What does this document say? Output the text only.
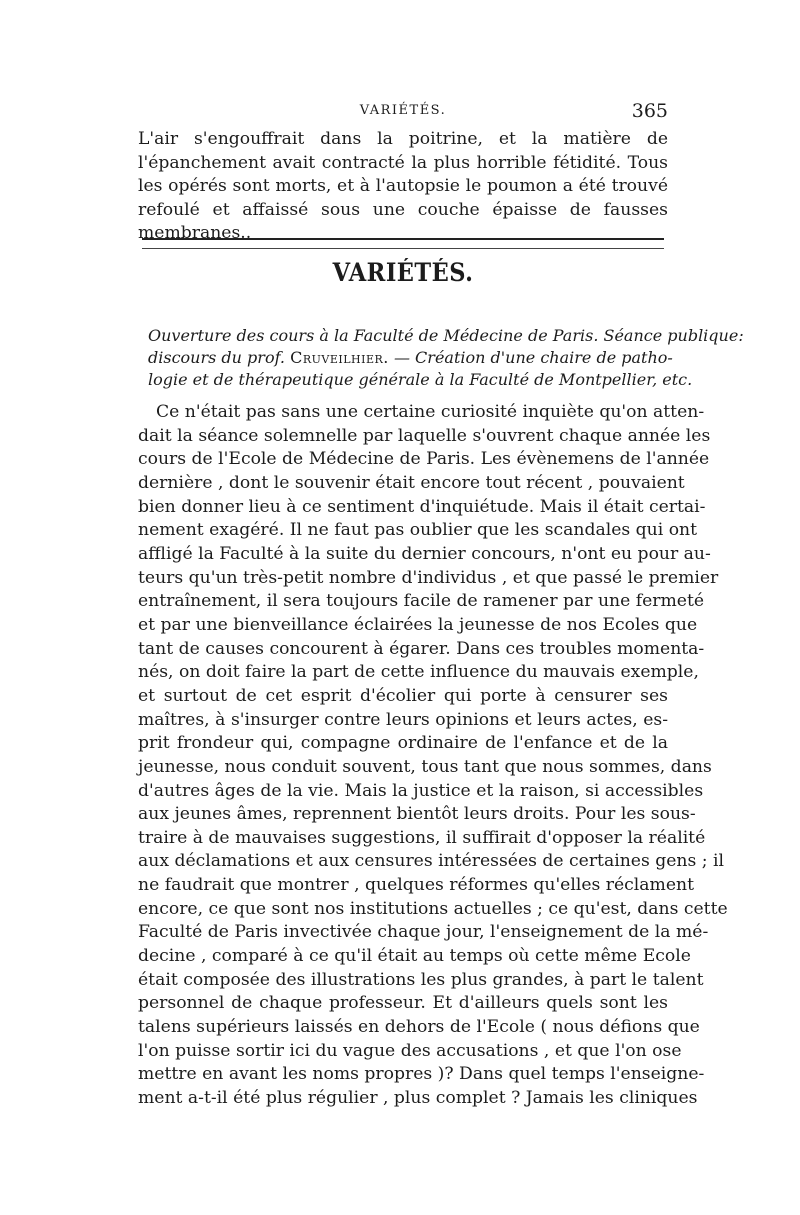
VARIÉTÉS.	365
L'air s'engouffrait dans la poitrine, et la matière de l'épanchement avait contracté la plus horrible fétidité. Tous les opérés sont morts, et à l'autopsie le poumon a été trouvé refoulé et affaissé sous une couche épaisse de fausses membranes..
VARIÉTÉS.
Ouverture des cours à la Faculté de Médecine de Paris. Séance publique:
discours du prof. Cruveilhier. — Création d'une chaire de patho-
logie et de thérapeutique générale à la Faculté de Montpellier, etc.
Ce n'était pas sans une certaine curiosité inquiète qu'on atten-
dait la séance solemnelle par laquelle s'ouvrent chaque année les
cours de l'Ecole de Médecine de Paris. Les évènemens de l'année
dernière , dont le souvenir était encore tout récent , pouvaient
bien donner lieu à ce sentiment d'inquiétude. Mais il était certai-
nement exagéré. Il ne faut pas oublier que les scandales qui ont
affligé la Faculté à la suite du dernier concours, n'ont eu pour au-
teurs qu'un très-petit nombre d'individus , et que passé le premier
entraînement, il sera toujours facile de ramener par une fermeté
et par une bienveillance éclairées la jeunesse de nos Ecoles que
tant de causes concourent à égarer. Dans ces troubles momenta-
nés, on doit faire la part de cette influence du mauvais exemple,
et surtout de cet esprit d'écolier qui porte à censurer ses
maîtres, à s'insurger contre leurs opinions et leurs actes, es-
prit frondeur qui, compagne ordinaire de l'enfance et de la
jeunesse, nous conduit souvent, tous tant que nous sommes, dans
d'autres âges de la vie. Mais la justice et la raison, si accessibles
aux jeunes âmes, reprennent bientôt leurs droits. Pour les sous-
traire à de mauvaises suggestions, il suffirait d'opposer la réalité
aux déclamations et aux censures intéressées de certaines gens ; il
ne faudrait que montrer , quelques réformes qu'elles réclament
encore, ce que sont nos institutions actuelles ; ce qu'est, dans cette
Faculté de Paris invectivée chaque jour, l'enseignement de la mé-
decine , comparé à ce qu'il était au temps où cette même Ecole
était composée des illustrations les plus grandes, à part le talent
personnel de chaque professeur. Et d'ailleurs quels sont les
talens supérieurs laissés en dehors de l'Ecole ( nous défions que
l'on puisse sortir ici du vague des accusations , et que l'on ose
mettre en avant les noms propres )? Dans quel temps l'enseigne-
ment a-t-il été plus régulier , plus complet ? Jamais les cliniques
